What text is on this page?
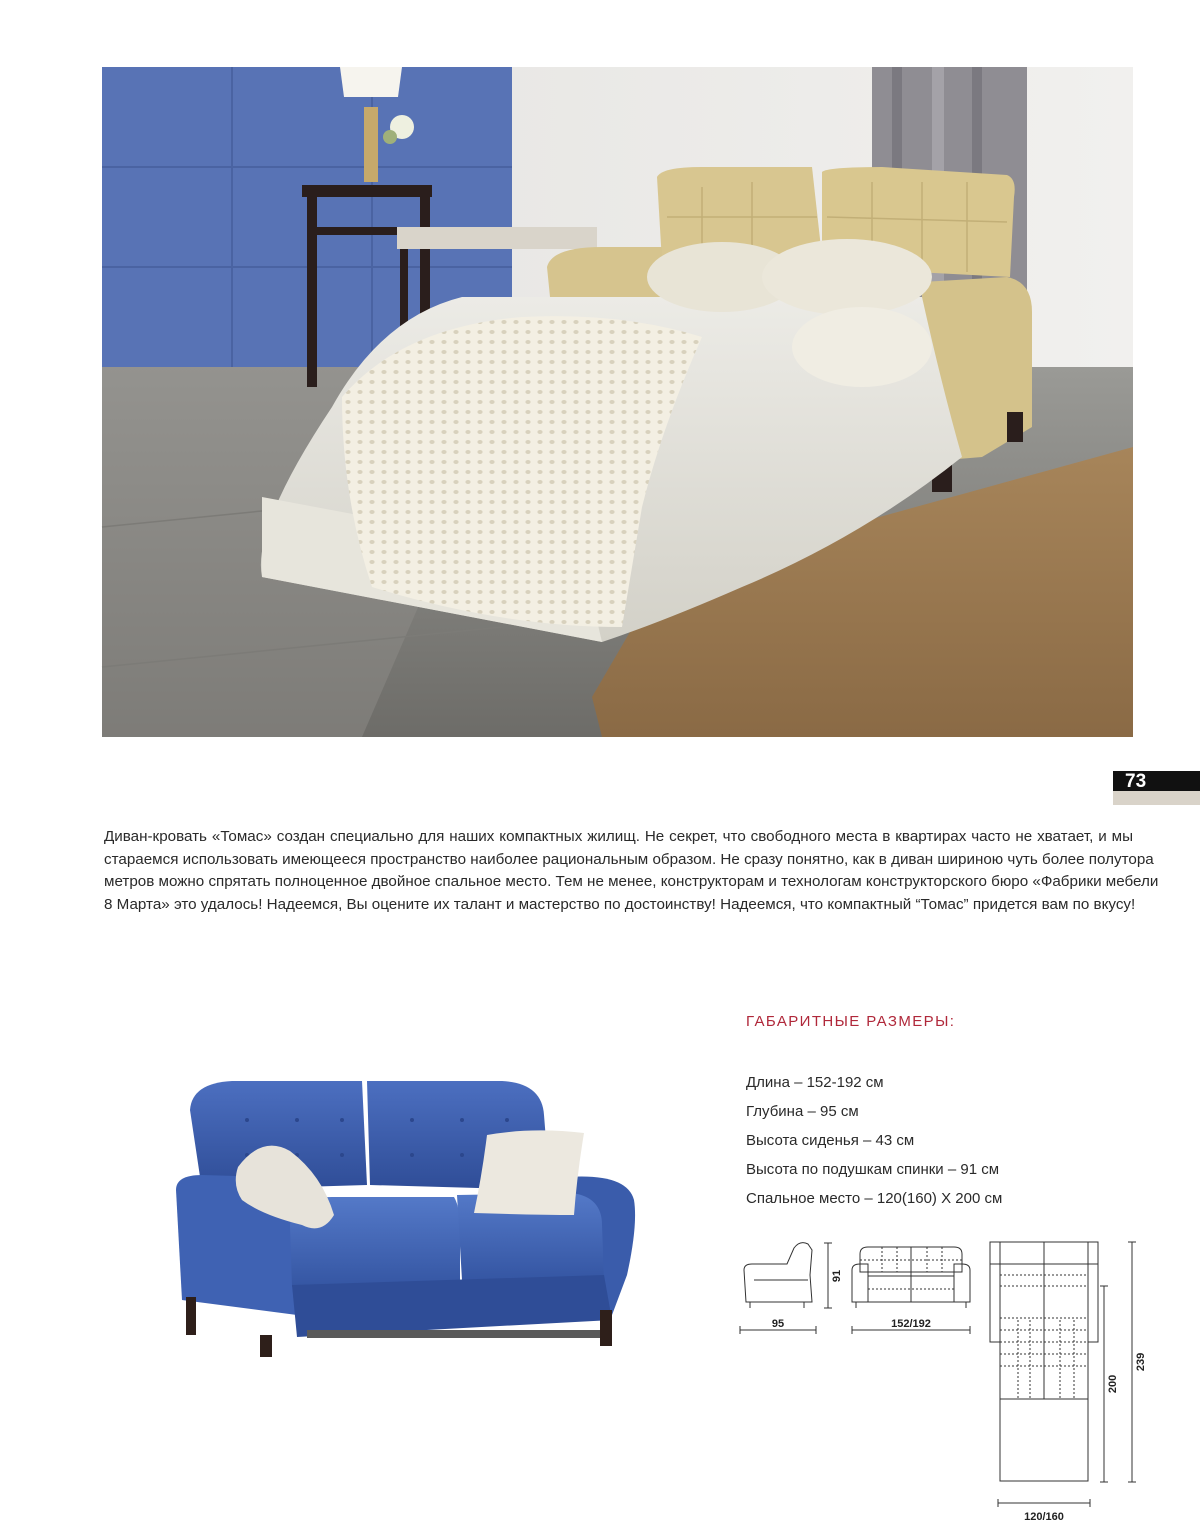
73
Диван-кровать «Томас» создан специально для наших компактных жилищ. Не секрет, что свободного места в квартирах часто не хватает, и мы
стараемся использовать имеющееся пространство наиболее рациональным образом. Не сразу понятно, как в диван шириною чуть более полутора
метров можно спрятать полноценное двойное спальное место. Тем не менее, конструкторам и технологам конструкторского бюро «Фабрики мебели
8 Марта» это удалось! Надеемся, Вы оцените их талант и мастерство по достоинству! Надеемся, что компактный “Томас” придется вам по вкусу!
ГАБАРИТНЫЕ РАЗМЕРЫ:
Длина – 152-192 см
Глубина – 95 см
Высота сиденья – 43 см
Высота по подушкам спинки – 91 см
Спальное место – 120(160) Х 200 см
95
91
152/192
200
239
120/160
